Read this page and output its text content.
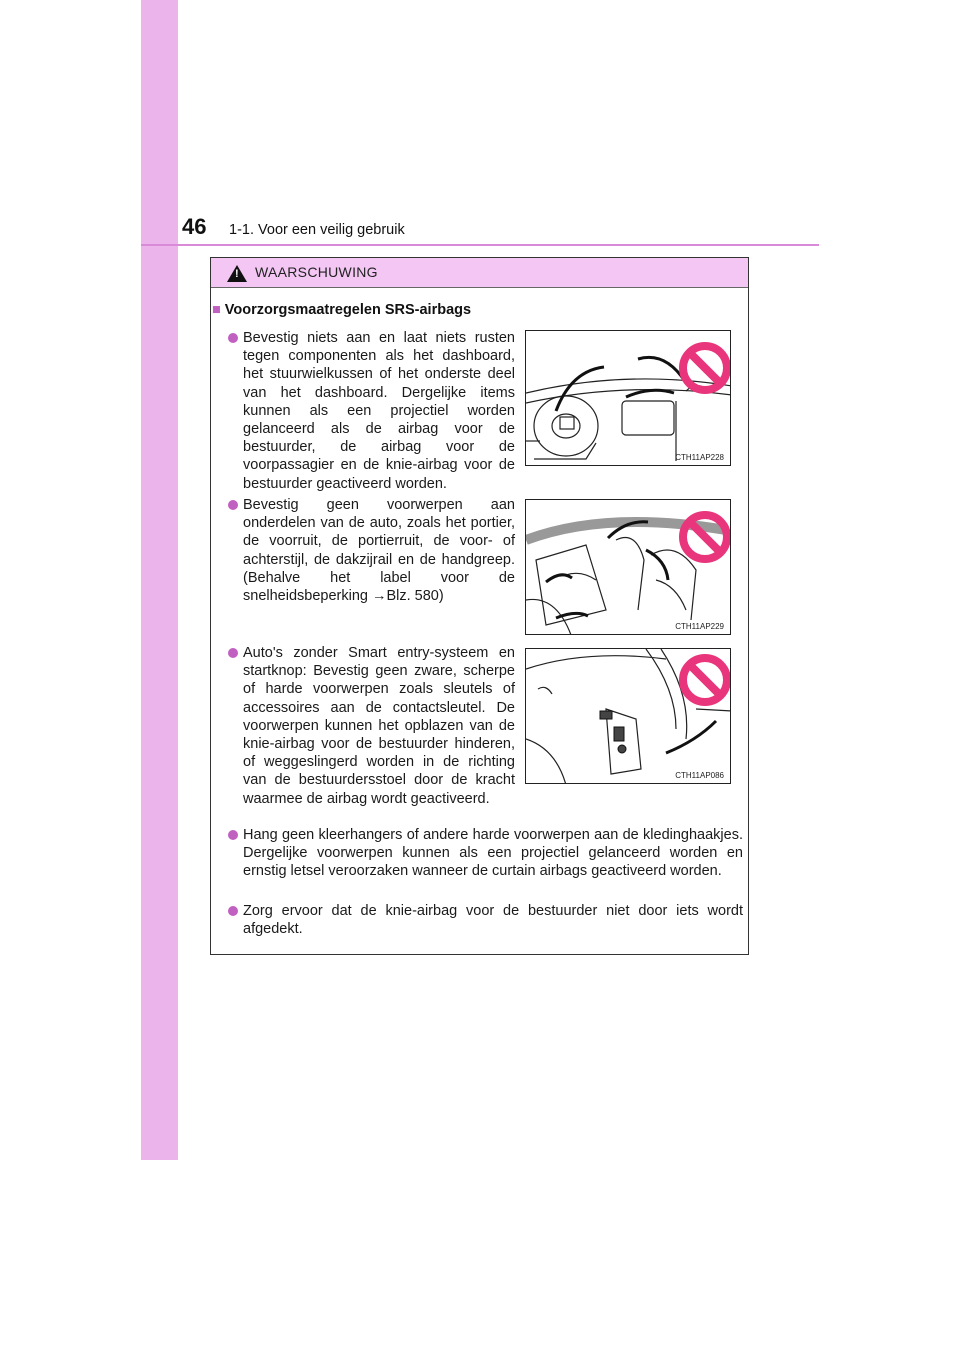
46 1-1. Voor een veilig gebruik
! WAARSCHUWING
■ Voorzorgsmaatregelen SRS-airbags
Bevestig niets aan en laat niets rusten tegen componenten als het dashboard, het stuurwielkussen of het onderste deel van het dashboard. Dergelijke items kunnen als een projectiel worden gelanceerd als de airbag voor de bestuurder, de airbag voor de voorpassagier en de knie-airbag voor de bestuurder geactiveerd worden.
Bevestig geen voorwerpen aan onderdelen van de auto, zoals het portier, de voorruit, de portierruit, de voor- of achterstijl, de dakzijrail en de handgreep. (Behalve het label voor de snelheidsbeperking →Blz. 580)
Auto's zonder Smart entry-systeem en startknop: Bevestig geen zware, scherpe of harde voorwerpen zoals sleutels of accessoires aan de contactsleutel. De voorwerpen kunnen het opblazen van de knie-airbag voor de bestuurder hinderen, of weggeslingerd worden in de richting van de bestuurdersstoel door de kracht waarmee de airbag wordt geactiveerd.
Hang geen kleerhangers of andere harde voorwerpen aan de kledinghaakjes. Dergelijke voorwerpen kunnen als een projectiel gelanceerd worden en ernstig letsel veroorzaken wanneer de curtain airbags geactiveerd worden.
Zorg ervoor dat de knie-airbag voor de bestuurder niet door iets wordt afgedekt.
CTH11AP228
CTH11AP229
CTH11AP086
